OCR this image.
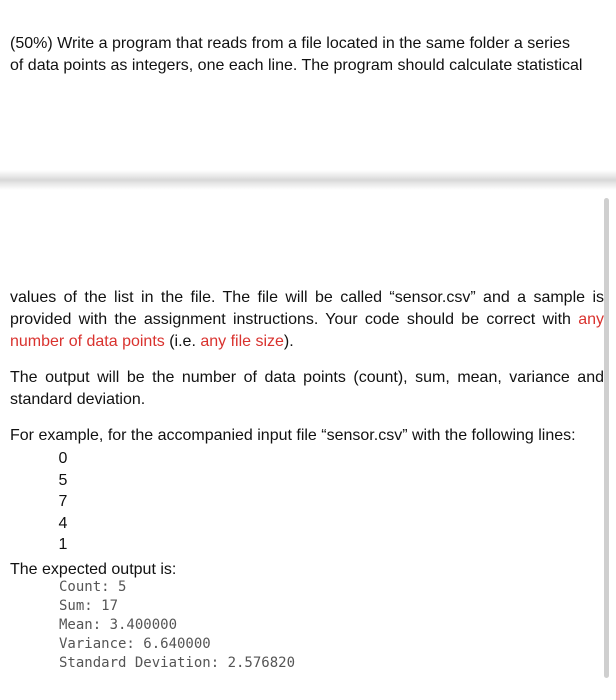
(50%) Write a program that reads from a file located in the same folder a series
of data points as integers, one each line. The program should calculate statistical
values of the list in the file. The file will be called “sensor.csv” and a sample is provided with the assignment instructions. Your code should be correct with any number of data points (i.e. any file size).
The output will be the number of data points (count), sum, mean, variance and standard deviation.
For example, for the accompanied input file “sensor.csv” with the following lines:
0
5
7
4
1
The expected output is:
Count: 5
Sum: 17
Mean: 3.400000
Variance: 6.640000
Standard Deviation: 2.576820
